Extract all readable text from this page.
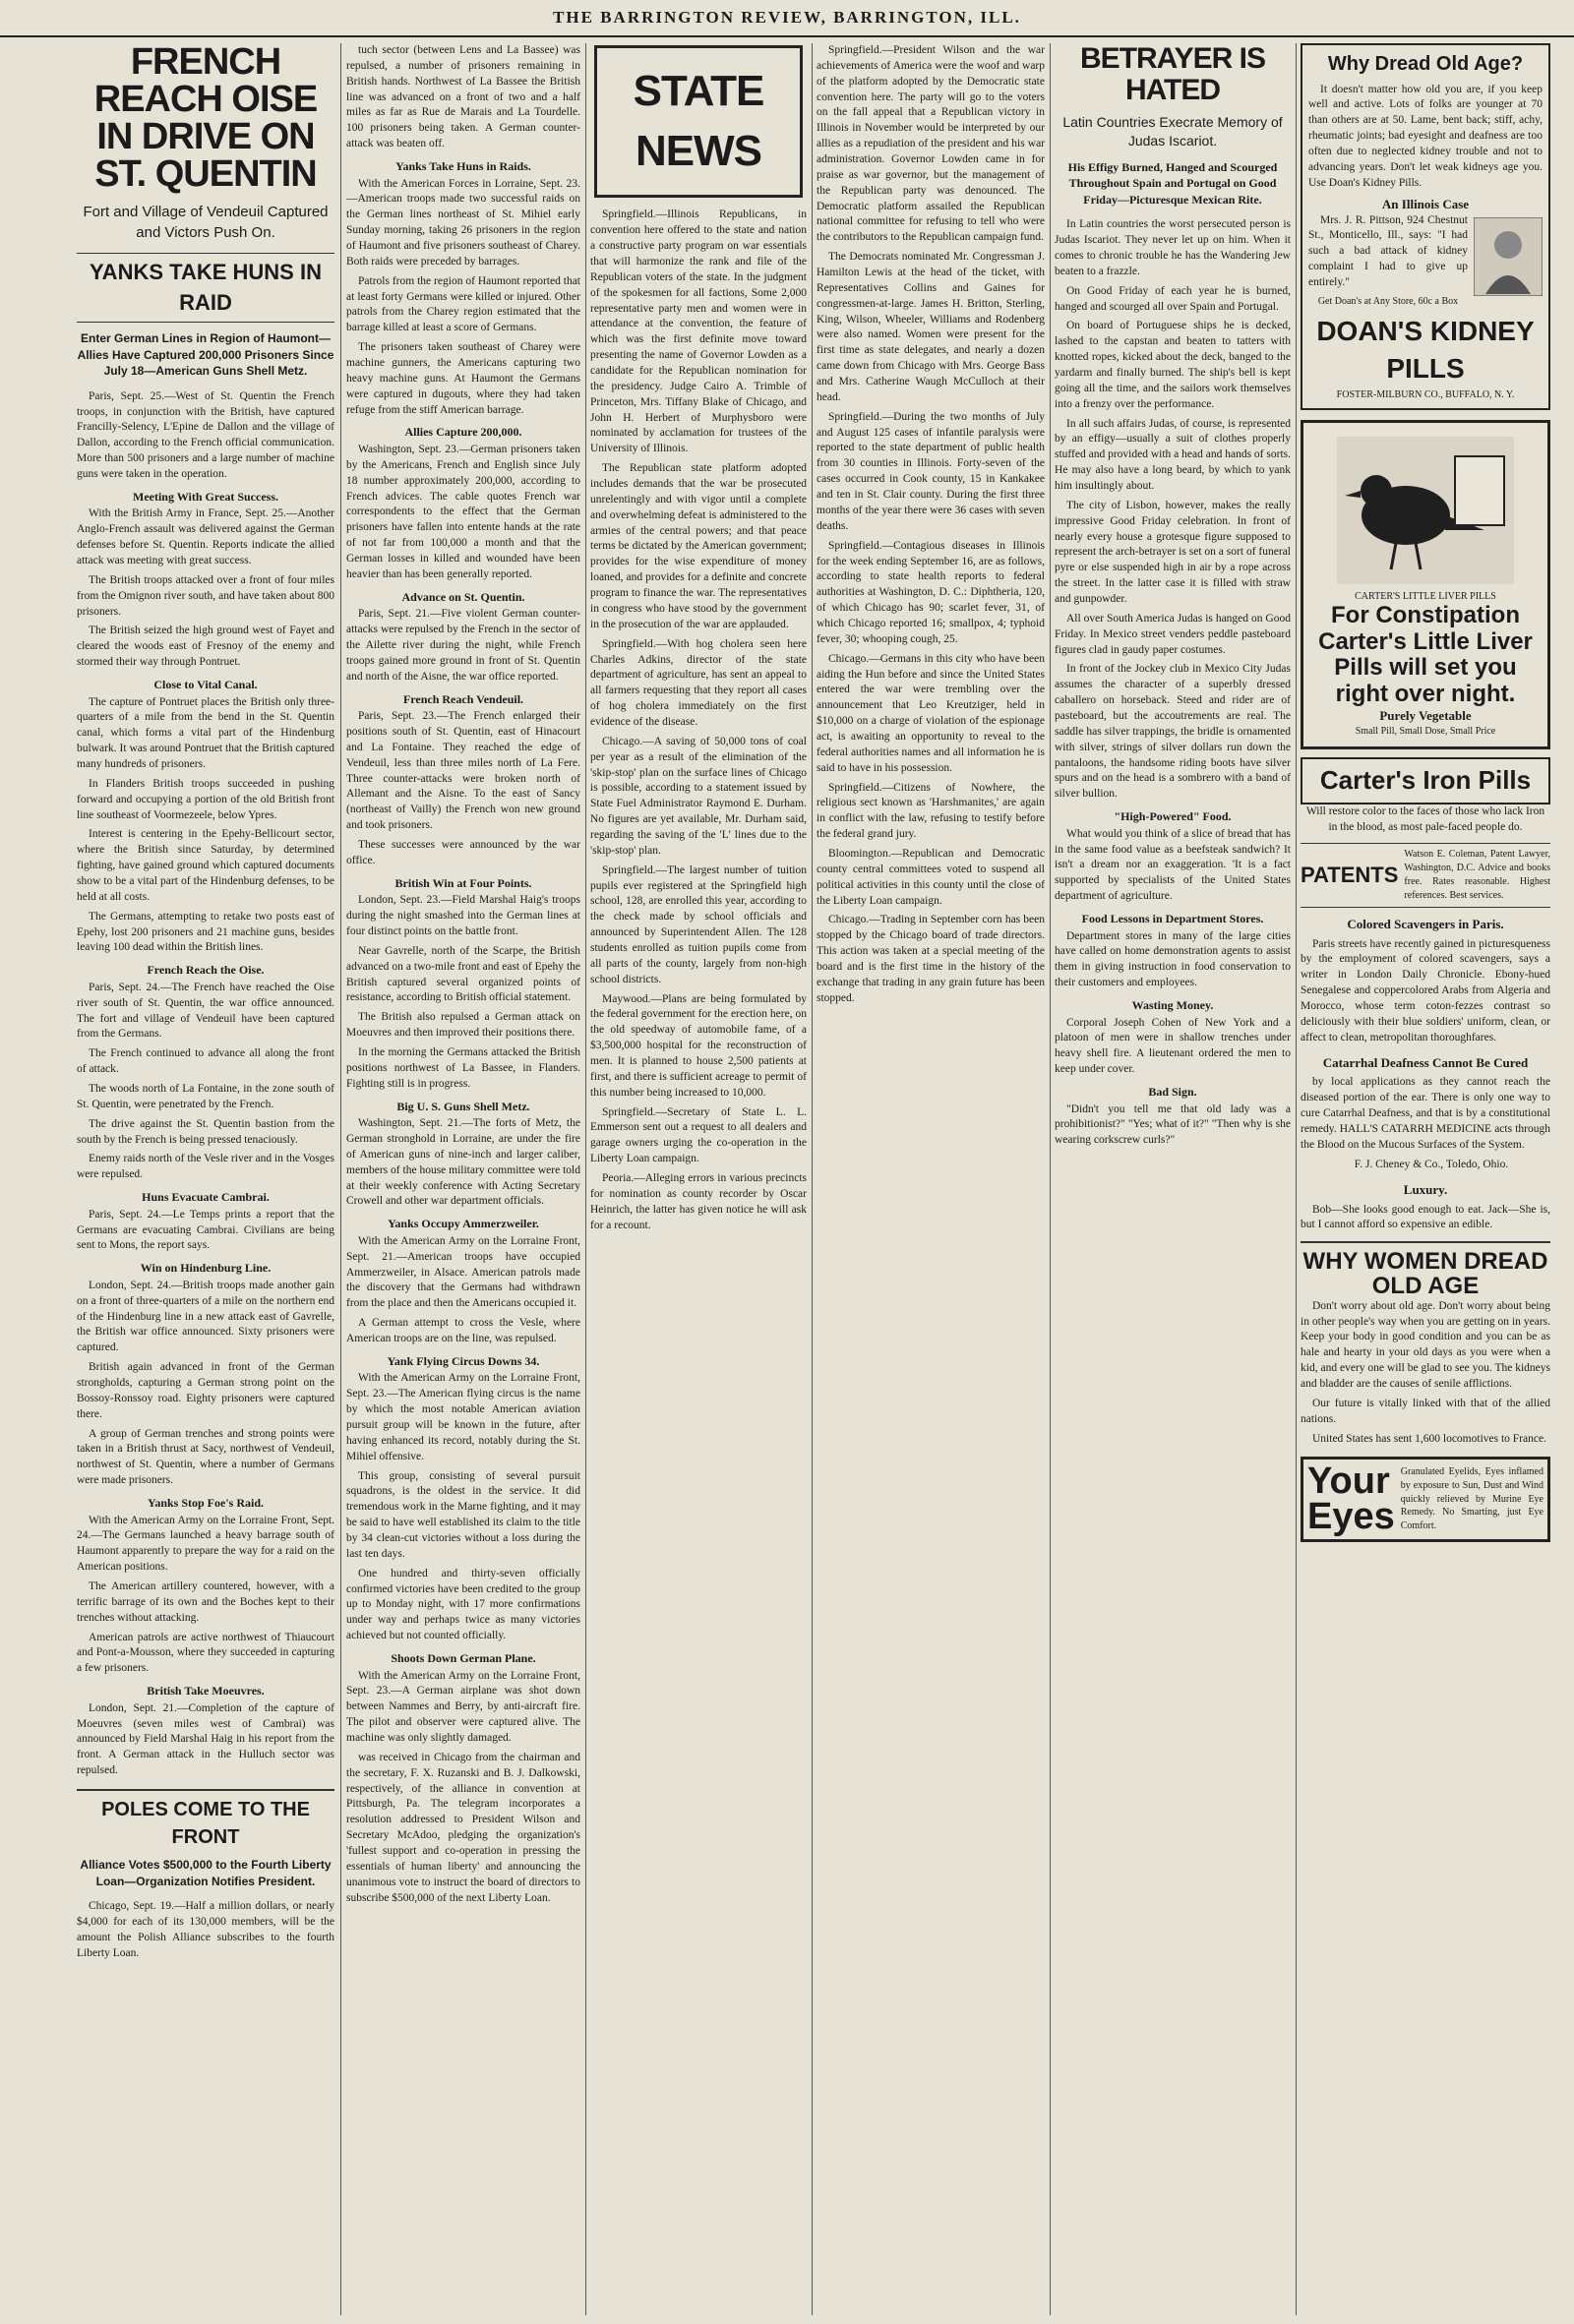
THE BARRINGTON REVIEW, BARRINGTON, ILL.
FRENCH REACH OISE IN DRIVE ON ST. QUENTIN
Fort and Village of Vendeuil Captured and Victors Push On.
YANKS TAKE HUNS IN RAID
Enter German Lines in Region of Haumont—Allies Have Captured 200,000 Prisoners Since July 18—American Guns Shell Metz.

Paris, Sept. 25.—West of St. Quentin the French troops, in conjunction with the British, have captured Francilly-Selency, L'Epine de Dallon and the village of Dallon, according to the French official communication. More than 500 prisoners and a large number of machine guns were taken in the operation.

Meeting With Great Success.

With the British Army in France, Sept. 25.—Another Anglo-French assault was delivered against the German defenses before St. Quentin. Reports indicate the allied attack was meeting with great success.

The British troops attacked over a front of four miles from the Omignon river south, and have taken about 800 prisoners.

The British seized the high ground west of Fayet and cleared the woods east of Fresnoy of the enemy and stormed their way through Pontruet.

Close to Vital Canal.

The capture of Pontruet places the British only three-quarters of a mile from the bend in the St. Quentin canal, which forms a vital part of the Hindenburg bulwark. It was around Pontruet that the British captured many hundreds of prisoners.

In Flanders British troops succeeded in pushing forward and occupying a portion of the old British front line southeast of Voormezeele, below Ypres.

Interest is centering in the Epehy-Bellicourt sector, where the British since Saturday, by determined fighting, have gained ground which captured documents show to be a vital part of the Hindenburg defenses, to be held at all costs.

The Germans, attempting to retake two posts east of Epehy, lost 200 prisoners and 21 machine guns, besides leaving 100 dead within the British lines.

French Reach the Oise.

Paris, Sept. 24.—The French have reached the Oise river south of St. Quentin, the war office announced. The fort and village of Vendeuil have been captured from the Germans.

The French continued to advance all along the front of attack.

The woods north of La Fontaine, in the zone south of St. Quentin, were penetrated by the French.

The drive against the St. Quentin bastion from the south by the French is being pressed tenaciously.

Enemy raids north of the Vesle river and in the Vosges were repulsed.

Huns Evacuate Cambrai.

Paris, Sept. 24.—Le Temps prints a report that the Germans are evacuating Cambrai. Civilians are being sent to Mons, the report says.

Win on Hindenburg Line.

London, Sept. 24.—British troops made another gain on a front of three-quarters of a mile on the northern end of the Hindenburg line in a new attack east of Gavrelle, the British war office announced. Sixty prisoners were captured.

British again advanced in front of the German strongholds, capturing a German strong point on the Bossoy-Ronssoy road. Eighty prisoners were captured there.

A group of German trenches and strong points were taken in a British thrust at Sacy, northwest of Vendeuil, northwest of St. Quentin, where a number of Germans were made prisoners.

Yanks Stop Foe's Raid.

With the American Army on the Lorraine Front, Sept. 24.—The Germans launched a heavy barrage south of Haumont apparently to prepare the way for a raid on the American positions.

The American artillery countered, however, with a terrific barrage of its own and the Boches kept to their trenches without attacking.

American patrols are active northwest of Thiaucourt and Pont-a-Mousson, where they succeeded in capturing a few prisoners.

British Take Moeuvres.

London, Sept. 21.—Completion of the capture of Moeuvres (seven miles west of Cambrai) was announced by Field Marshal Haig in his report from the front. A German attack in the Hulluch sector was repulsed.

POLES COME TO THE FRONT
Alliance Votes $500,000 to the Fourth Liberty Loan—Organization Notifies President.

Chicago, Sept. 19.—Half a million dollars, or nearly $4,000 for each of its 130,000 members, will be the amount the Polish Alliance subscribes to the fourth Liberty Loan.

tuch sector (between Lens and La Bassee) was repulsed, a number of prisoners remaining in British hands. Northwest of La Bassee the British line was advanced on a front of two and a half miles as far as Rue de Marais and La Tourdelle. 100 prisoners being taken. A German counter-attack was beaten off.

Yanks Take Huns in Raids.

With the American Forces in Lorraine, Sept. 23.—American troops made two successful raids on the German lines northeast of St. Mihiel early Sunday morning, taking 26 prisoners in the region of Haumont and five prisoners southeast of Charey. Both raids were preceded by barrages.

Patrols from the region of Haumont reported that at least forty Germans were killed or injured. Other patrols from the Charey region estimated that the barrage killed at least a score of Germans.

The prisoners taken southeast of Charey were machine gunners, the Americans capturing two heavy machine guns. At Haumont the Germans were captured in dugouts, where they had taken refuge from the stiff American barrage.

Allies Capture 200,000.

Washington, Sept. 23.—German prisoners taken by the Americans, French and English since July 18 number approximately 200,000, according to French advices. The cable quotes French war correspondents to the effect that the German prisoners have fallen into entente hands at the rate of not far from 100,000 a month and that the German losses in killed and wounded have been heavier than has been generally reported.

Advance on St. Quentin.

Paris, Sept. 21.—Five violent German counter-attacks were repulsed by the French in the sector of the Ailette river during the night, while French troops gained more ground in front of St. Quentin and north of the Aisne, the war office reported.

French Reach Vendeuil.

Paris, Sept. 23.—The French enlarged their positions south of St. Quentin, east of Hinacourt and La Fontaine. They reached the edge of Vendeuil, less than three miles north of La Fere. Three counter-attacks were broken north of Allemant and the Aisne. To the east of Sancy (northeast of Vailly) the French won new ground and took prisoners.

These successes were announced by the war office.

British Win at Four Points.

London, Sept. 23.—Field Marshal Haig's troops during the night smashed into the German lines at four distinct points on the battle front.

Near Gavrelle, north of the Scarpe, the British advanced on a two-mile front and east of Epehy the British captured several organized points of resistance, according to British official statement.

The British also repulsed a German attack on Moeuvres and then improved their positions there.

In the morning the Germans attacked the British positions northwest of La Bassee, in Flanders. Fighting still is in progress.

Big U. S. Guns Shell Metz.

Washington, Sept. 21.—The forts of Metz, the German stronghold in Lorraine, are under the fire of American guns of nine-inch and larger caliber, members of the house military committee were told at their weekly conference with Acting Secretary Crowell and other war department officials.

Yanks Occupy Ammerzweiler.

With the American Army on the Lorraine Front, Sept. 21.—American troops have occupied Ammerzweiler, in Alsace. American patrols made the discovery that the Germans had withdrawn from the place and then the Americans occupied it.

A German attempt to cross the Vesle, where American troops are on the line, was repulsed.

Yank Flying Circus Downs 34.

With the American Army on the Lorraine Front, Sept. 23.—The American flying circus is the name by which the most notable American aviation pursuit group will be known in the future, after having enhanced its record, notably during the St. Mihiel offensive.

This group, consisting of several pursuit squadrons, is the oldest in the service. It did tremendous work in the Marne fighting, and it may be said to have well established its claim to the title by 34 clean-cut victories without a loss during the last ten days.

One hundred and thirty-seven officially confirmed victories have been credited to the group up to Monday night, with 17 more confirmations under way and perhaps twice as many victories achieved but not counted officially.

Shoots Down German Plane.

With the American Army on the Lorraine Front, Sept. 23.—A German airplane was shot down between Nammes and Berry, by anti-aircraft fire. The pilot and observer were captured alive. The machine was only slightly damaged.

was received in Chicago from the chairman and the secretary, F. X. Ruzanski and B. J. Dalkowski, respectively, of the alliance in convention at Pittsburgh, Pa. The telegram incorporates a resolution addressed to President Wilson and Secretary McAdoo, pledging the organization's 'fullest support and co-operation in pressing the essentials of human liberty' and announcing the unanimous vote to instruct the board of directors to subscribe $500,000 of the next Liberty Loan.

STATE NEWS

Springfield.—Illinois Republicans, in convention here offered to the state and nation a constructive party program on war essentials that will harmonize the rank and file of the Republican voters of the state. In the judgment of the spokesmen for all factions, Some 2,000 representative party men and women were in attendance at the convention, the feature of which was the first definite move toward presenting the name of Governor Lowden as a candidate for the Republican nomination for the presidency. Judge Cairo A. Trimble of Princeton, Mrs. Tiffany Blake of Chicago, and John H. Herbert of Murphysboro were nominated by acclamation for trustees of the University of Illinois.

The Republican state platform adopted includes demands that the war be prosecuted unrelentingly and with vigor until a complete and overwhelming defeat is administered to the armies of the central powers; and that peace terms be dictated by the American government; provides for the wise expenditure of money loaned, and provides for a definite and concrete program to finance the war. The representatives in congress who have stood by the government in the prosecution of the war are applauded.

Springfield.—With hog cholera seen here Charles Adkins, director of the state department of agriculture, has sent an appeal to all farmers requesting that they report all cases of hog cholera immediately on the first evidence of the disease.

Chicago.—A saving of 50,000 tons of coal per year as a result of the elimination of the 'skip-stop' plan on the surface lines of Chicago is possible, according to a statement issued by State Fuel Administrator Raymond E. Durham. No figures are yet available, Mr. Durham said, regarding the saving of the 'L' lines due to the 'skip-stop' plan.

Springfield.—The largest number of tuition pupils ever registered at the Springfield high school, 128, are enrolled this year, according to the check made by school officials and announced by Superintendent Allen. The 128 students enrolled as tuition pupils come from all parts of the county, largely from non-high school districts.

Maywood.—Plans are being formulated by the federal government for the erection here, on the old speedway of automobile fame, of a $3,500,000 hospital for the reconstruction of men. It is planned to house 2,500 patients at first, and there is sufficient acreage to permit of this number being increased to 10,000.

Springfield.—Secretary of State L. L. Emmerson sent out a request to all dealers and garage owners urging the co-operation in the Liberty Loan campaign.

Peoria.—Alleging errors in various precincts for nomination as county recorder by Oscar Heinrich, the latter has given notice he will ask for a recount.

Springfield.—President Wilson and the war achievements of America were the woof and warp of the platform adopted by the Democratic state convention here. The party will go to the voters on the fall appeal that a Republican victory in Illinois in November would be interpreted by our allies as a repudiation of the president and his war administration. Governor Lowden came in for praise as war governor, but the management of the Republican party was denounced. The Democratic platform assailed the Republican national committee for refusing to tell who were the contributors to the Republican campaign fund.

The Democrats nominated Mr. Congressman J. Hamilton Lewis at the head of the ticket, with Representatives Collins and Gaines for congressmen-at-large. James H. Britton, Sterling, King, Wilson, Wheeler, Williams and Rodenberg were also named. Women were present for the first time as state delegates, and nearly a dozen came down from Chicago with Mrs. George Bass and Mrs. Catherine Waugh McCulloch at their head.

Springfield.—During the two months of July and August 125 cases of infantile paralysis were reported to the state department of public health from 30 counties in Illinois. Forty-seven of the cases occurred in Cook county, 15 in Kankakee and ten in St. Clair county. During the first three months of the year there were 36 cases with seven deaths.

Springfield.—Contagious diseases in Illinois for the week ending September 16, are as follows, according to state health reports to federal authorities at Washington, D. C.: Diphtheria, 120, of which Chicago has 90; scarlet fever, 31, of which Chicago reported 16; smallpox, 4; typhoid fever, 30; whooping cough, 25.

Chicago.—Germans in this city who have been aiding the Hun before and since the United States entered the war were trembling over the announcement that Leo Kreutziger, held in $10,000 on a charge of violation of the espionage act, is awaiting an opportunity to reveal to the federal authorities names and all information he is said to have in his possession.

Springfield.—Citizens of Nowhere, the religious sect known as 'Harshmanites,' are again in conflict with the law, refusing to testify before the federal grand jury.

Bloomington.—Republican and Democratic county central committees voted to suspend all political activities in this county until the close of the Liberty Loan campaign.

Chicago.—Trading in September corn has been stopped by the Chicago board of trade directors. This action was taken at a special meeting of the board and is the first time in the history of the exchange that trading in any grain future has been stopped.

BETRAYER IS HATED
Latin Countries Execrate Memory of Judas Iscariot.
His Effigy Burned, Hanged and Scourged Throughout Spain and Portugal on Good Friday—Picturesque Mexican Rite.

In Latin countries the worst persecuted person is Judas Iscariot. They never let up on him. When it comes to chronic trouble he has the Wandering Jew beaten to a frazzle.

On Good Friday of each year he is burned, hanged and scourged all over Spain and Portugal.

On board of Portuguese ships he is decked, lashed to the capstan and beaten to tatters with knotted ropes, kicked about the deck, banged to the yardarm and finally burned. The ship's bell is kept going all the time, and the sailors work themselves into a frenzy over the performance.

In all such affairs Judas, of course, is represented by an effigy—usually a suit of clothes properly stuffed and provided with a head and hands of sorts. He may also have a long beard, by which to yank him insultingly about.

The city of Lisbon, however, makes the really impressive Good Friday celebration. In front of nearly every house a grotesque figure supposed to represent the arch-betrayer is set on a sort of funeral pyre or else suspended high in air by a rope across the street. In the latter case it is filled with straw and gunpowder.

All over South America Judas is hanged on Good Friday. In Mexico street venders peddle pasteboard figures clad in gaudy paper costumes.

In front of the Jockey club in Mexico City Judas assumes the character of a superbly dressed caballero on horseback. Steed and rider are of pasteboard, but the accoutrements are real. The saddle has silver trappings, the bridle is ornamented with silver, strings of silver dollars run down the pantaloons, the handsome riding boots have silver spurs and on the head is a sombrero with a band of silver bullion.

"High-Powered" Food.

What would you think of a slice of bread that has in the same food value as a beefsteak sandwich? It isn't a dream nor an exaggeration. 'It is a fact supported by specialists of the United States department of agriculture.

Food Lessons in Department Stores.

Department stores in many of the large cities have called on home demonstration agents to assist them in giving instruction in food conservation to their customers and employees.

Wasting Money.

Corporal Joseph Cohen of New York and a platoon of men were in shallow trenches under heavy shell fire. A lieutenant ordered the men to keep under cover.

Bad Sign.

"Didn't you tell me that old lady was a prohibitionist?" "Yes; what of it?" "Then why is she wearing corkscrew curls?"

Why Dread Old Age?

It doesn't matter how old you are, if you keep well and active. Lots of folks are younger at 70 than others are at 50. Lame, bent back; stiff, achy, rheumatic joints; bad eyesight and deafness are too often due to neglected kidney trouble and not to advancing years. Don't let weak kidneys age you. Use Doan's Kidney Pills.

An Illinois Case

Mrs. J. R. Pittson, 924 Chestnut St., Monticello, Ill., says: "I had such a bad attack of kidney complaint I had to give up entirely."

Get Doan's at Any Store, 60c a Box
DOAN'S KIDNEY PILLS
FOSTER-MILBURN CO., BUFFALO, N. Y.
CARTER'S LITTLE LIVER PILLS
For Constipation Carter's Little Liver Pills will set you right over night.
Purely Vegetable
Small Pill, Small Dose, Small Price
Carter's Iron Pills

Will restore color to the faces of those who lack Iron in the blood, as most pale-faced people do.

PATENTS
Watson E. Coleman, Patent Lawyer, Washington, D.C. Advice and books free. Rates reasonable. Highest references. Best services.
Colored Scavengers in Paris.

Paris streets have recently gained in picturesqueness by the employment of colored scavengers, says a writer in London Daily Chronicle. Ebony-hued Senegalese and coppercolored Arabs from Algeria and Morocco, whose term coton-fezzes contrast so deliciously with their blue soldiers' uniform, clean, or affect to clean, metropolitan thoroughfares.

Catarrhal Deafness Cannot Be Cured

by local applications as they cannot reach the diseased portion of the ear. There is only one way to cure Catarrhal Deafness, and that is by a constitutional remedy. HALL'S CATARRH MEDICINE acts through the Blood on the Mucous Surfaces of the System.

F. J. Cheney & Co., Toledo, Ohio.

Luxury.

Bob—She looks good enough to eat. Jack—She is, but I cannot afford so expensive an edible.

WHY WOMEN DREAD OLD AGE

Don't worry about old age. Don't worry about being in other people's way when you are getting on in years. Keep your body in good condition and you can be as hale and hearty in your old days as you were when a kid, and every one will be glad to see you. The kidneys and bladder are the causes of senile afflictions.

Our future is vitally linked with that of the allied nations.

United States has sent 1,600 locomotives to France.

Your Eyes
Granulated Eyelids, Eyes inflamed by exposure to Sun, Dust and Wind quickly relieved by Murine Eye Remedy. No Smarting, just Eye Comfort.
